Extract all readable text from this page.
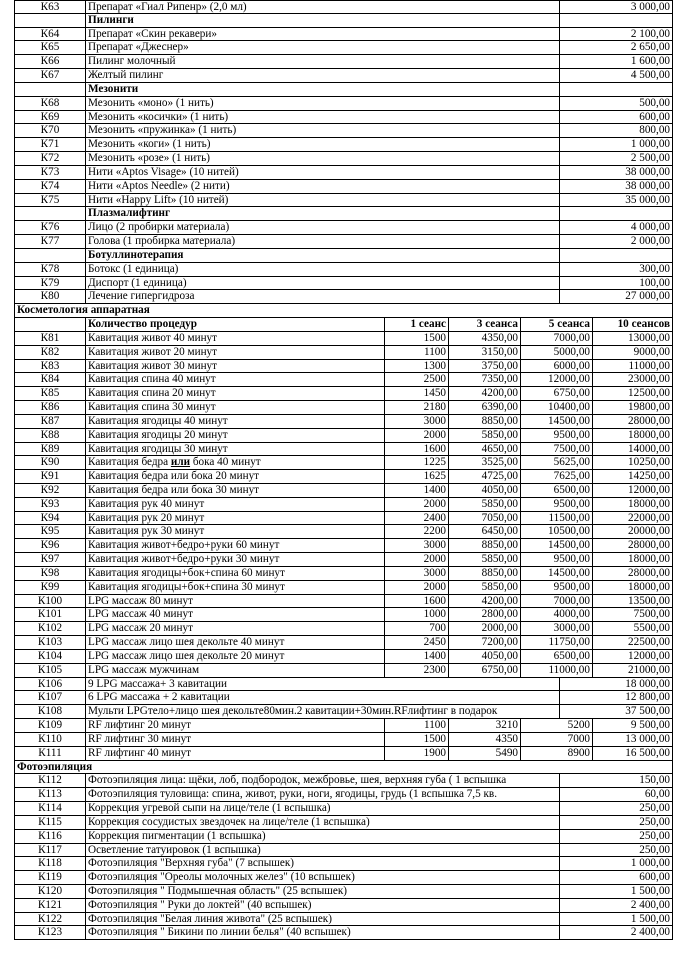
К63	Препарат «Гиал Рипенр» (2,0 мл)	3 000,00
Пилинги
К64	Препарат «Скин рекавери»	2 100,00
К65	Препарат «Джеснер»	2 650,00
К66	Пилинг молочный	1 600,00
К67	Желтый пилинг	4 500,00
Мезонити
К68	Мезонить «моно» (1 нить)	500,00
К69	Мезонить «косички» (1 нить)	600,00
К70	Мезонить «пружинка» (1 нить)	800,00
К71	Мезонить «коги» (1 нить)	1 000,00
К72	Мезонить «розе» (1 нить)	2 500,00
К73	Нити «Aptos Visage» (10 нитей)	38 000,00
К74	Нити «Aptos Needle» (2 нити)	38 000,00
К75	Нити «Happy Lift» (10 нитей)	35 000,00
Плазмалифтинг
К76	Лицо (2 пробирки материала)	4 000,00
К77	Голова (1 пробирка материала)	2 000,00
Ботуллинотерапия
К78	Ботокс (1 единица)	300,00
К79	Диспорт (1 единица)	100,00
К80	Лечение гипергидроза	27 000,00
Косметология аппаратная
Количество процедур	1 сеанс	3 сеанса	5 сеанса	10 сеансов
К81	Кавитация живот 40 минут	1500	4350,00	7000,00	13000,00
К82	Кавитация живот 20 минут	1100	3150,00	5000,00	9000,00
К83	Кавитация живот 30 минут	1300	3750,00	6000,00	11000,00
К84	Кавитация спина 40 минут	2500	7350,00	12000,00	23000,00
К85	Кавитация спина 20 минут	1450	4200,00	6750,00	12500,00
К86	Кавитация спина 30 минут	2180	6390,00	10400,00	19800,00
К87	Кавитация ягодицы 40 минут	3000	8850,00	14500,00	28000,00
К88	Кавитация ягодицы 20 минут	2000	5850,00	9500,00	18000,00
К89	Кавитация ягодицы 30 минут	1600	4650,00	7500,00	14000,00
К90	Кавитация бедра или бока 40 минут	1225	3525,00	5625,00	10250,00
К91	Кавитация бедра или бока 20 минут	1625	4725,00	7625,00	14250,00
К92	Кавитация бедра или бока 30 минут	1400	4050,00	6500,00	12000,00
К93	Кавитация рук 40 минут	2000	5850,00	9500,00	18000,00
К94	Кавитация рук 20 минут	2400	7050,00	11500,00	22000,00
К95	Кавитация рук 30 минут	2200	6450,00	10500,00	20000,00
К96	Кавитация живот+бедро+руки 60 минут	3000	8850,00	14500,00	28000,00
К97	Кавитация живот+бедро+руки 30 минут	2000	5850,00	9500,00	18000,00
К98	Кавитация ягодицы+бок+спина 60 минут	3000	8850,00	14500,00	28000,00
К99	Кавитация ягодицы+бок+спина 30 минут	2000	5850,00	9500,00	18000,00
К100	LPG массаж 80 минут	1600	4200,00	7000,00	13500,00
К101	LPG массаж 40 минут	1000	2800,00	4000,00	7500,00
К102	LPG массаж 20 минут	700	2000,00	3000,00	5500,00
К103	LPG массаж лицо шея декольте 40 минут	2450	7200,00	11750,00	22500,00
К104	LPG массаж лицо шея декольте 20 минут	1400	4050,00	6500,00	12000,00
К105	LPG массаж мужчинам	2300	6750,00	11000,00	21000,00
К106	9 LPG массажа+ 3 кавитации	18 000,00
К107	6 LPG массажа + 2 кавитации	12 800,00
К108	Мульти LPGтело+лицо шея декольте80мин.2 кавитации+30мин.RFлифтинг в подарок	37 500,00
К109	RF лифтинг 20 минут	1100	3210	5200	9 500,00
К110	RF лифтинг 30 минут	1500	4350	7000	13 000,00
К111	RF лифтинг 40 минут	1900	5490	8900	16 500,00
Фотоэпиляция
К112	Фотоэпиляция лица: щёки, лоб, подбородок, межбровье, шея, верхняя губа ( 1 вспышка	150,00
К113	Фотоэпиляция туловища: спина, живот, руки, ноги, ягодицы, грудь (1 вспышка 7,5 кв.	60,00
К114	Коррекция угревой сыпи на лице/теле (1 вспышка)	250,00
К115	Коррекция сосудистых звездочек на лице/теле (1 вспышка)	250,00
К116	Коррекция пигментации (1 вспышка)	250,00
К117	Осветление татуировок (1 вспышка)	250,00
К118	Фотоэпиляция "Верхняя губа" (7 вспышек)	1 000,00
К119	Фотоэпиляция "Ореолы молочных желез" (10 вспышек)	600,00
К120	Фотоэпиляция " Подмышечная область" (25 вспышек)	1 500,00
К121	Фотоэпиляция " Руки до локтей" (40 вспышек)	2 400,00
К122	Фотоэпиляция "Белая линия живота" (25 вспышек)	1 500,00
К123	Фотоэпиляция " Бикини по линии белья" (40 вспышек)	2 400,00
